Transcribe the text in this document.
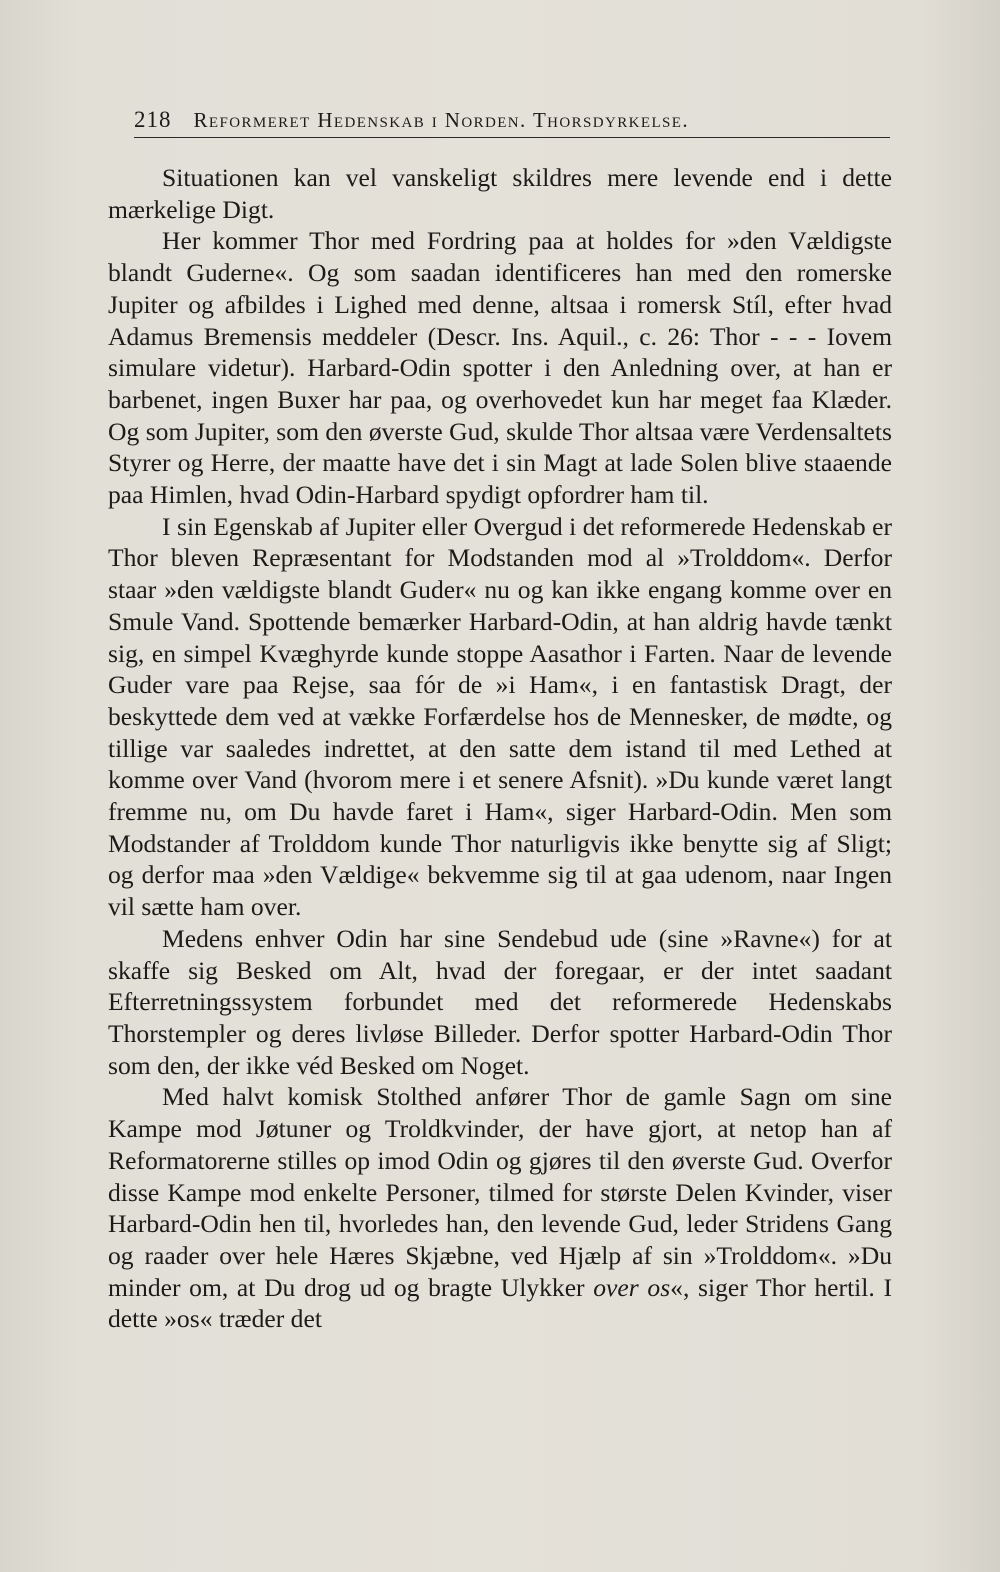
218 Reformeret Hedenskab i Norden. Thorsdyrkelse.

Situationen kan vel vanskeligt skildres mere levende end i dette mærkelige Digt.

Her kommer Thor med Fordring paa at holdes for »den Vældigste blandt Guderne«. Og som saadan identificeres han med den romerske Jupiter og afbildes i Lighed med denne, altsaa i romersk Stíl, efter hvad Adamus Bremensis meddeler (Descr. Ins. Aquil., c. 26: Thor - - - Iovem simulare videtur). Harbard-Odin spotter i den Anledning over, at han er barbenet, ingen Buxer har paa, og overhovedet kun har meget faa Klæder. Og som Jupiter, som den øverste Gud, skulde Thor altsaa være Verdensaltets Styrer og Herre, der maatte have det i sin Magt at lade Solen blive staaende paa Himlen, hvad Odin-Harbard spydigt opfordrer ham til.

I sin Egenskab af Jupiter eller Overgud i det reformerede Hedenskab er Thor bleven Repræsentant for Modstanden mod al »Trolddom«. Derfor staar »den vældigste blandt Guder« nu og kan ikke engang komme over en Smule Vand. Spottende bemærker Harbard-Odin, at han aldrig havde tænkt sig, en simpel Kvæghyrde kunde stoppe Aasathor i Farten. Naar de levende Guder vare paa Rejse, saa fór de »i Ham«, i en fantastisk Dragt, der beskyttede dem ved at vække Forfærdelse hos de Mennesker, de mødte, og tillige var saaledes indrettet, at den satte dem istand til med Lethed at komme over Vand (hvorom mere i et senere Afsnit). »Du kunde været langt fremme nu, om Du havde faret i Ham«, siger Harbard-Odin. Men som Modstander af Trolddom kunde Thor naturligvis ikke benytte sig af Sligt; og derfor maa »den Vældige« bekvemme sig til at gaa udenom, naar Ingen vil sætte ham over.

Medens enhver Odin har sine Sendebud ude (sine »Ravne«) for at skaffe sig Besked om Alt, hvad der foregaar, er der intet saadant Efterretningssystem forbundet med det reformerede Hedenskabs Thorstempler og deres livløse Billeder. Derfor spotter Harbard-Odin Thor som den, der ikke véd Besked om Noget.

Med halvt komisk Stolthed anfører Thor de gamle Sagn om sine Kampe mod Jøtuner og Troldkvinder, der have gjort, at netop han af Reformatorerne stilles op imod Odin og gjøres til den øverste Gud. Overfor disse Kampe mod enkelte Personer, tilmed for største Delen Kvinder, viser Harbard-Odin hen til, hvorledes han, den levende Gud, leder Stridens Gang og raader over hele Hæres Skjæbne, ved Hjælp af sin »Trolddom«. »Du minder om, at Du drog ud og bragte Ulykker over os«, siger Thor hertil. I dette »os« træder det
